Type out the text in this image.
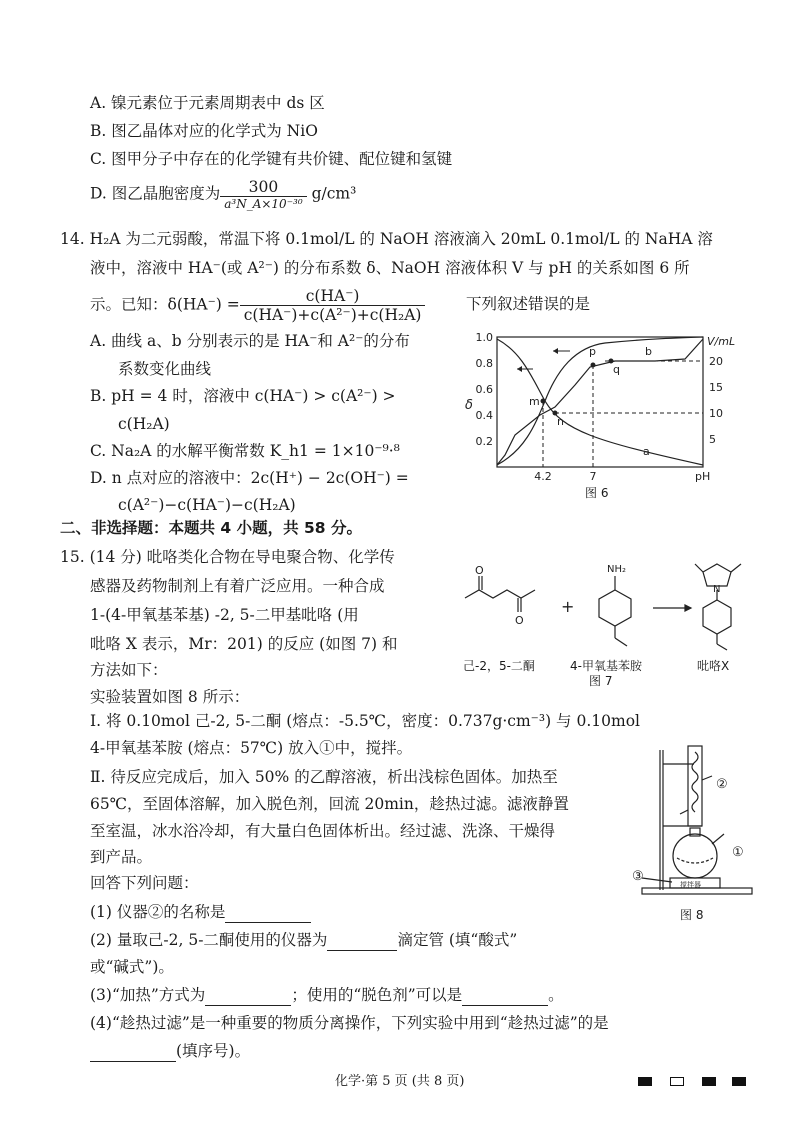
A. 镍元素位于元素周期表中 ds 区
B. 图乙晶体对应的化学式为 NiO
C. 图甲分子中存在的化学键有共价键、配位键和氢键
D. 图乙晶胞密度为 $\frac{300}{\text{a³N\_A×10⁻³⁰}} g/cm^3$
14. H₂A 为二元弱酸，常温下将 0.1mol/L 的 NaOH 溶液滴入 20mL 0.1mol/L 的 NaHA 溶
液中，溶液中 HA⁻(或 A²⁻) 的分布系数 δ、NaOH 溶液体积 V 与 pH 的关系如图 6 所
示。已知：$\delta(HA^-) = \frac{c(HA^-)}{\text{c(HA⁻)+c(A²⁻)+c(H₂A)}}$	下列叙述错误的是
A. 曲线 a、b 分别表示的是 HA⁻和 A²⁻的分布
系数变化曲线
B. pH = 4 时，溶液中 c(HA⁻) > c(A²⁻) >
c(H₂A)
C. Na₂A 的水解平衡常数 K_h1 = 1×10⁻⁹·⁸
D. n 点对应的溶液中：2c(H⁺) − 2c(OH⁻) =
c(A²⁻)−c(HA⁻)−c(H₂A)
1.0
0.8
0.6
0.4
0.2
δ
20
15
10
5
V/mL
4.2	7	pH
p
q
m
n
a
b
图 6
二、非选择题：本题共 4 小题，共 58 分。
15. (14 分) 吡咯类化合物在导电聚合物、化学传
感器及药物制剂上有着广泛应用。一种合成
1-(4-甲氧基苯基) -2, 5-二甲基吡咯 (用
吡咯 X 表示，Mr：201) 的反应 (如图 7) 和
方法如下：
实验装置如图 8 所示：
O
O
NH₂
N
+
己-2，5-二酮	4-甲氧基苯胺	吡咯X
图 7
Ⅰ. 将 0.10mol 己-2, 5-二酮 (熔点：-5.5℃，密度：0.737g·cm⁻³) 与 0.10mol
4-甲氧基苯胺 (熔点：57℃) 放入①中，搅拌。
Ⅱ. 待反应完成后，加入 50% 的乙醇溶液，析出浅棕色固体。加热至
65℃，至固体溶解，加入脱色剂，回流 20min，趁热过滤。滤液静置
至室温，冰水浴冷却，有大量白色固体析出。经过滤、洗涤、干燥得
到产品。
回答下列问题：
②
①
③
搅拌器
图 8
(1) 仪器②的名称是
(2) 量取己-2, 5-二酮使用的仪器为	滴定管 (填“酸式”
或“碱式”)。
(3)“加热”方式为	；使用的“脱色剂”可以是	。
(4)“趁热过滤”是一种重要的物质分离操作，下列实验中用到“趁热过滤”的是
(填序号)。
化学·第 5 页 (共 8 页)
